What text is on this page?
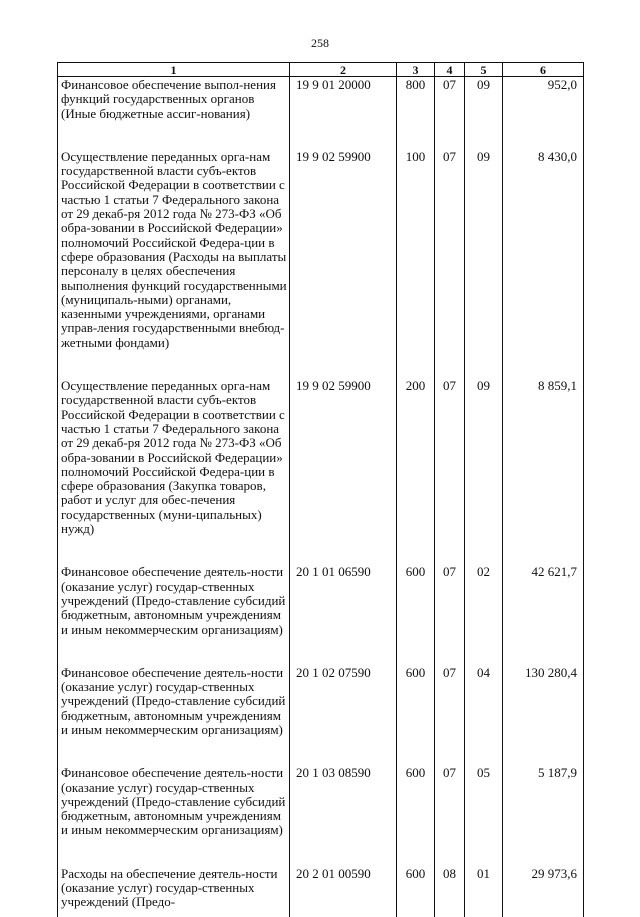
258
1	2	3	4	5	6
Финансовое обеспечение выпол-нения функций государственных органов (Иные бюджетные ассиг-нования)	19 9 01 20000	800	07	09	952,0
Осуществление переданных орга-нам государственной власти субъ-ектов Российской Федерации в соответствии с частью 1 статьи 7 Федерального закона от 29 декаб-ря 2012 года № 273-ФЗ «Об обра-зовании в Российской Федерации» полномочий Российской Федера-ции в сфере образования (Расходы на выплаты персоналу в целях обеспечения выполнения функций государственными (муниципаль-ными) органами, казенными учреждениями, органами управ-ления государственными внебюд-жетными фондами)	19 9 02 59900	100	07	09	8 430,0
Осуществление переданных орга-нам государственной власти субъ-ектов Российской Федерации в соответствии с частью 1 статьи 7 Федерального закона от 29 декаб-ря 2012 года № 273-ФЗ «Об обра-зовании в Российской Федерации» полномочий Российской Федера-ции в сфере образования (Закупка товаров, работ и услуг для обес-печения государственных (муни-ципальных) нужд)	19 9 02 59900	200	07	09	8 859,1
Финансовое обеспечение деятель-ности (оказание услуг) государ-ственных учреждений (Предо-ставление субсидий бюджетным, автономным учреждениям и иным некоммерческим организациям)	20 1 01 06590	600	07	02	42 621,7
Финансовое обеспечение деятель-ности (оказание услуг) государ-ственных учреждений (Предо-ставление субсидий бюджетным, автономным учреждениям и иным некоммерческим организациям)	20 1 02 07590	600	07	04	130 280,4
Финансовое обеспечение деятель-ности (оказание услуг) государ-ственных учреждений (Предо-ставление субсидий бюджетным, автономным учреждениям и иным некоммерческим организациям)	20 1 03 08590	600	07	05	5 187,9
Расходы на обеспечение деятель-ности (оказание услуг) государ-ственных учреждений (Предо-	20 2 01 00590	600	08	01	29 973,6
